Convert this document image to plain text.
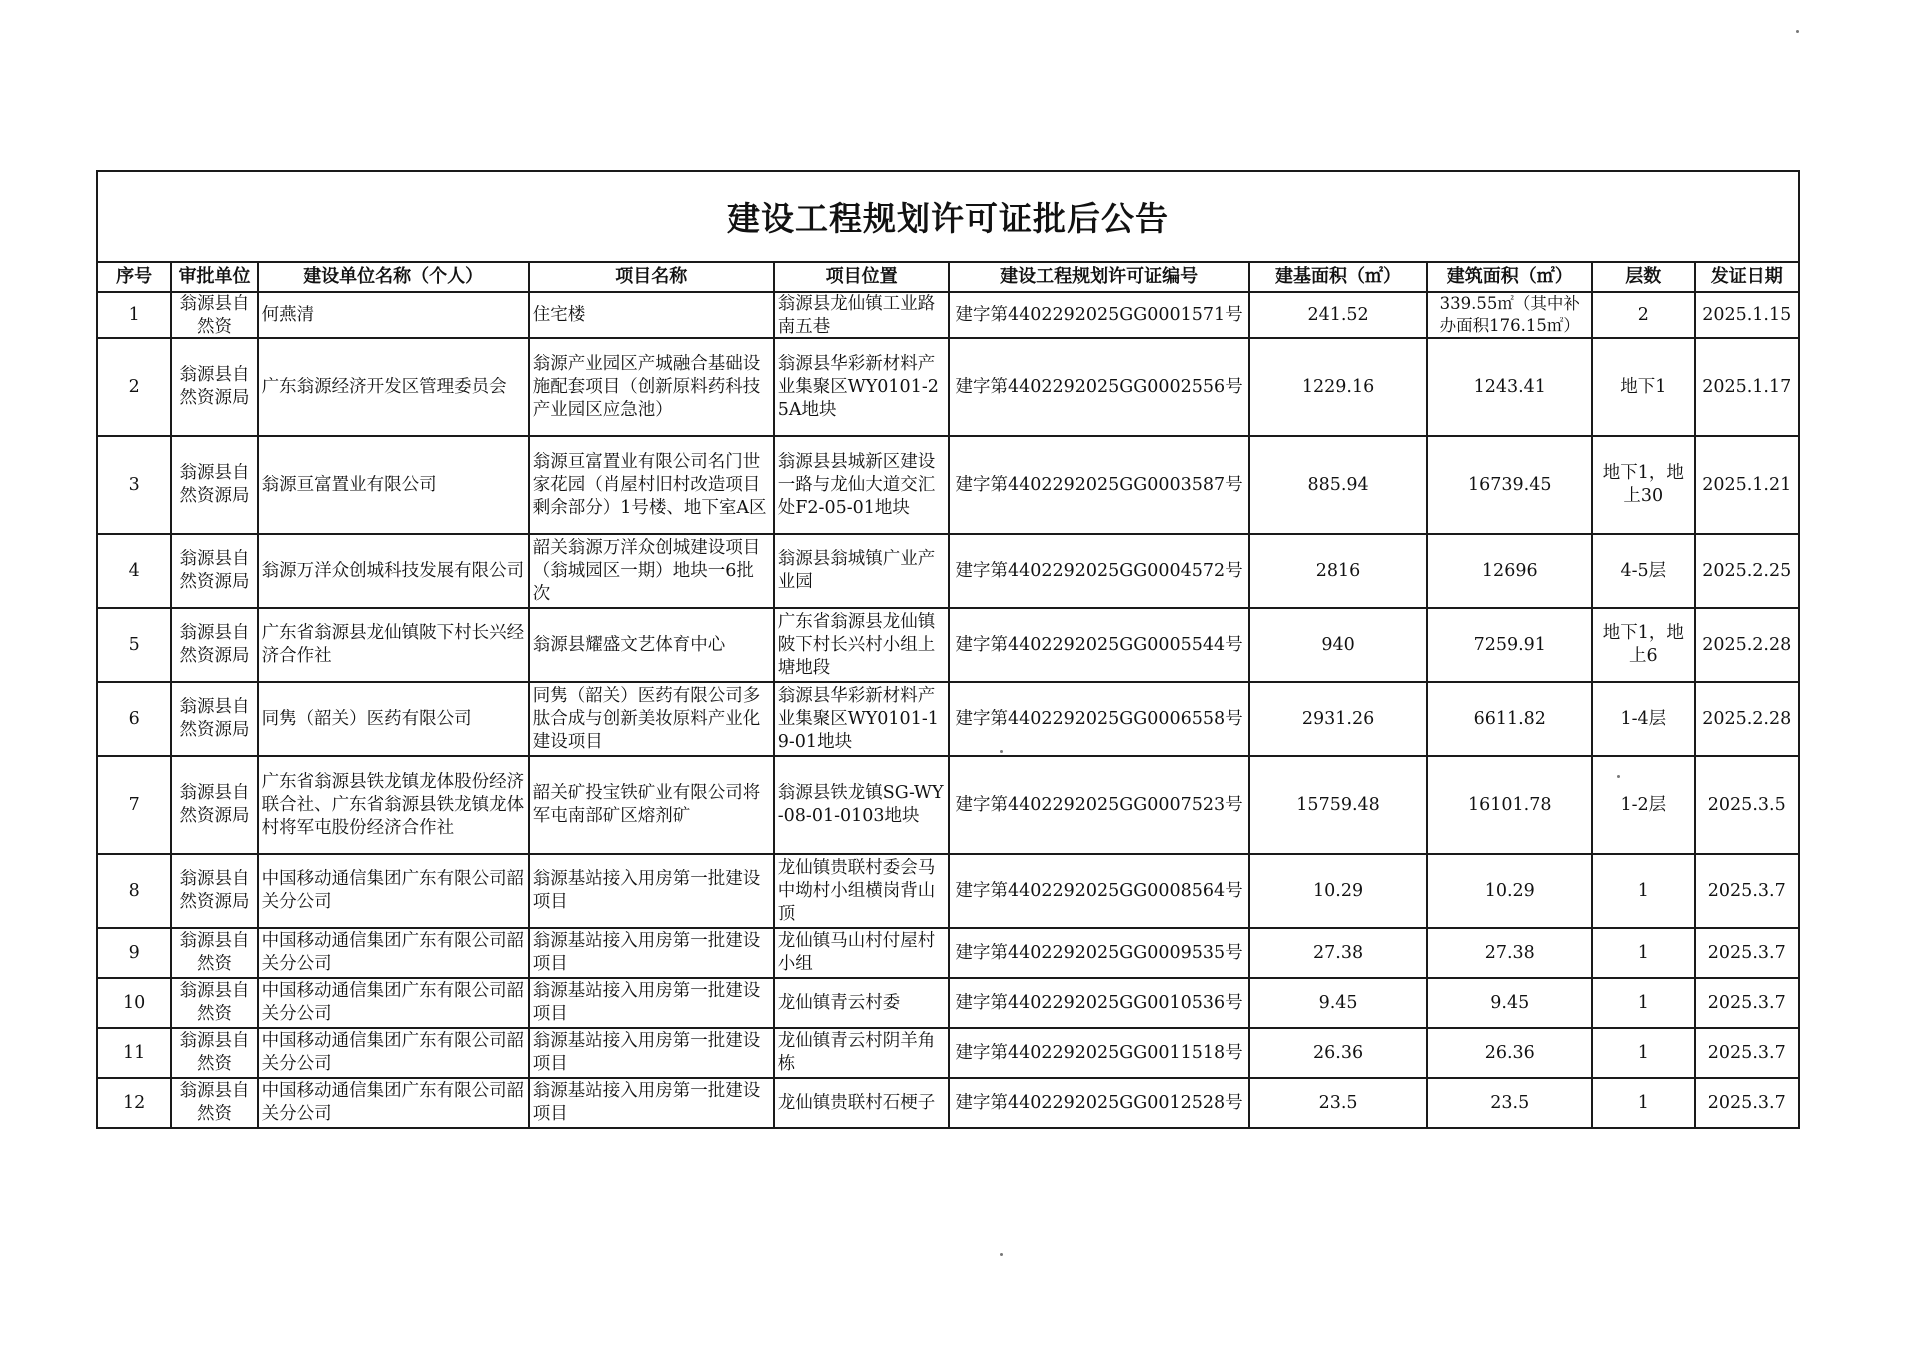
建设工程规划许可证批后公告									
序号	审批单位	建设单位名称（个人）	项目名称	项目位置	建设工程规划许可证编号	建基面积（㎡）	建筑面积（㎡）	层数	发证日期

1	翁源县自然资	何燕清	住宅楼	翁源县龙仙镇工业路南五巷	建字第4402292025GG0001571号	241.52	339.55㎡（其中补办面积176.15㎡）	2	2025.1.15

2	翁源县自然资源局	广东翁源经济开发区管理委员会	翁源产业园区产城融合基础设施配套项目（创新原料药科技产业园区应急池）	翁源县华彩新材料产业集聚区WY0101-25A地块	建字第4402292025GG0002556号	1229.16	1243.41	地下1	2025.1.17

3	翁源县自然资源局	翁源亘富置业有限公司	翁源亘富置业有限公司名门世家花园（肖屋村旧村改造项目剩余部分）1号楼、地下室A区	翁源县县城新区建设一路与龙仙大道交汇处F2-05-01地块	建字第4402292025GG0003587号	885.94	16739.45	地下1，地上30	2025.1.21

4	翁源县自然资源局	翁源万洋众创城科技发展有限公司	韶关翁源万洋众创城建设项目（翁城园区一期）地块一6批次	翁源县翁城镇广业产业园	建字第4402292025GG0004572号	2816	12696	4-5层	2025.2.25

5	翁源县自然资源局	广东省翁源县龙仙镇陂下村长兴经济合作社	翁源县耀盛文艺体育中心	广东省翁源县龙仙镇陂下村长兴村小组上塘地段	建字第4402292025GG0005544号	940	7259.91	地下1，地上6	2025.2.28

6	翁源县自然资源局	同隽（韶关）医药有限公司	同隽（韶关）医药有限公司多肽合成与创新美妆原料产业化建设项目	翁源县华彩新材料产业集聚区WY0101-19-01地块	建字第4402292025GG0006558号	2931.26	6611.82	1-4层	2025.2.28

7	翁源县自然资源局	广东省翁源县铁龙镇龙体股份经济联合社、广东省翁源县铁龙镇龙体村将军屯股份经济合作社	韶关矿投宝铁矿业有限公司将军屯南部矿区熔剂矿	翁源县铁龙镇SG-WY-08-01-0103地块	建字第4402292025GG0007523号	15759.48	16101.78	1-2层	2025.3.5

8	翁源县自然资源局	中国移动通信集团广东有限公司韶关分公司	翁源基站接入用房第一批建设项目	龙仙镇贵联村委会马中坳村小组横岗背山顶	建字第4402292025GG0008564号	10.29	10.29	1	2025.3.7

9	翁源县自然资	中国移动通信集团广东有限公司韶关分公司	翁源基站接入用房第一批建设项目	龙仙镇马山村付屋村小组	建字第4402292025GG0009535号	27.38	27.38	1	2025.3.7

10	翁源县自然资	中国移动通信集团广东有限公司韶关分公司	翁源基站接入用房第一批建设项目	龙仙镇青云村委	建字第4402292025GG0010536号	9.45	9.45	1	2025.3.7

11	翁源县自然资	中国移动通信集团广东有限公司韶关分公司	翁源基站接入用房第一批建设项目	龙仙镇青云村阴羊角栋	建字第4402292025GG0011518号	26.36	26.36	1	2025.3.7

12	翁源县自然资	中国移动通信集团广东有限公司韶关分公司	翁源基站接入用房第一批建设项目	龙仙镇贵联村石梗子	建字第4402292025GG0012528号	23.5	23.5	1	2025.3.7
